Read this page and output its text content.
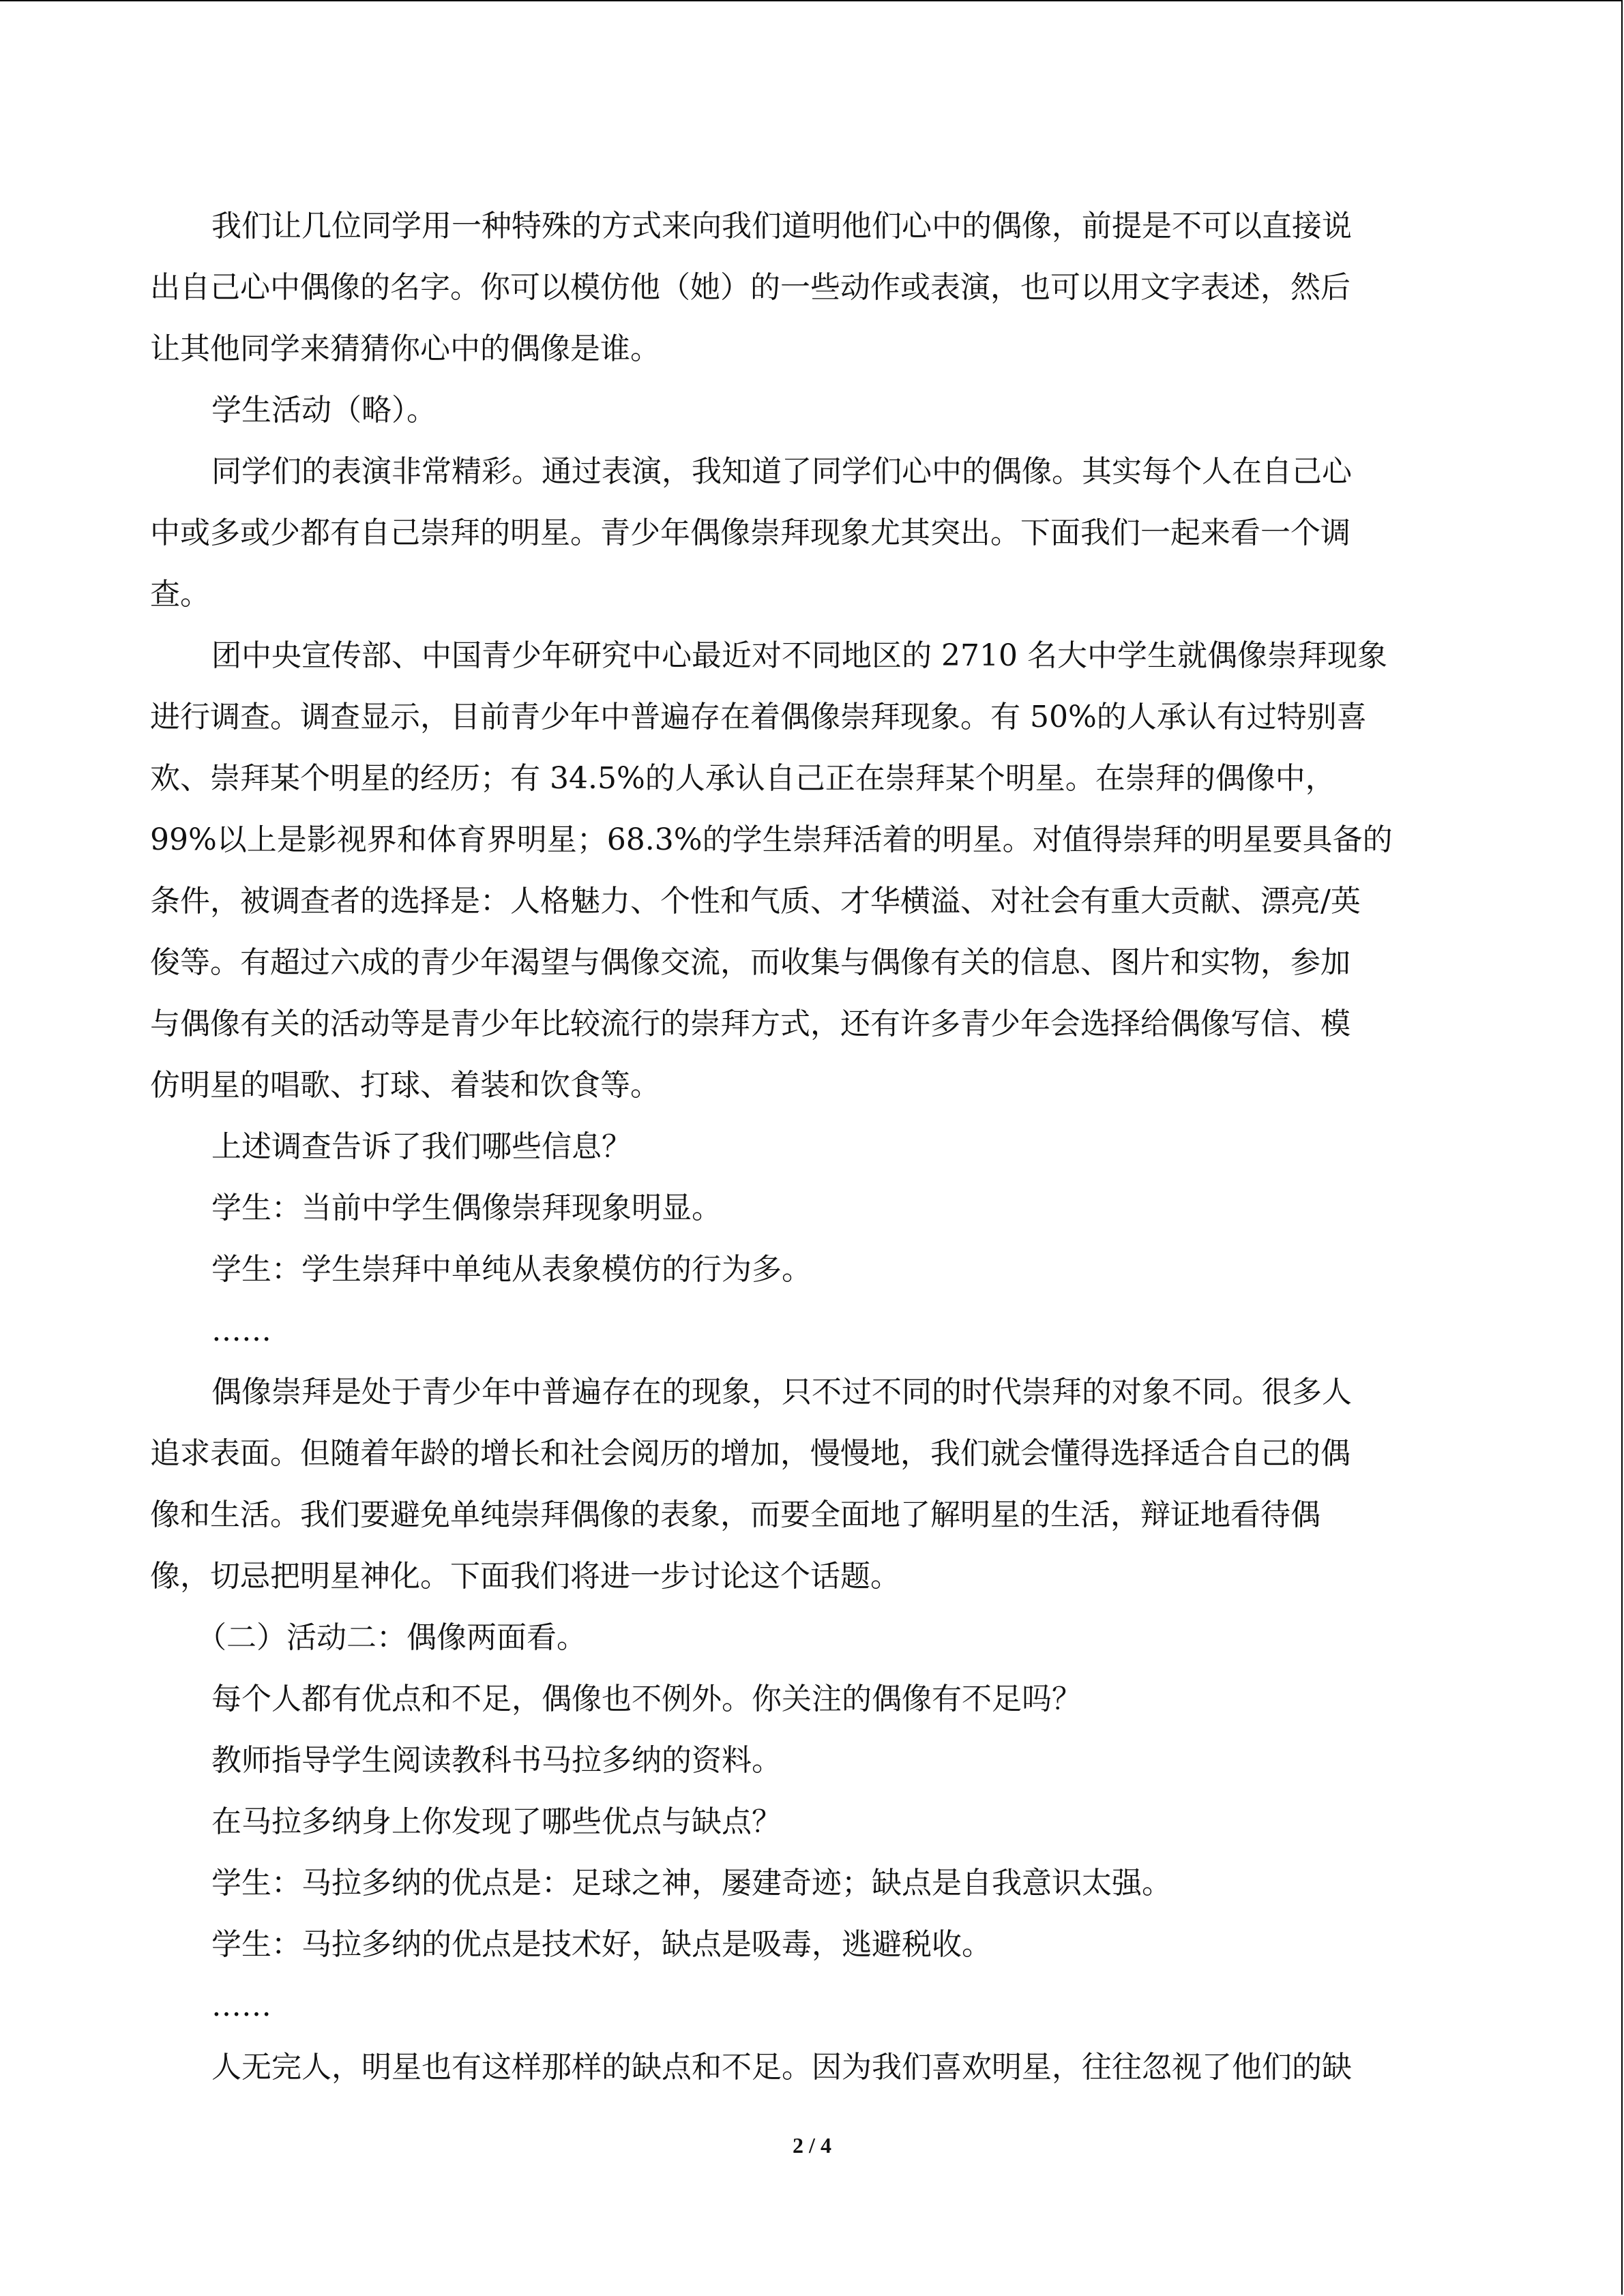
我们让几位同学用一种特殊的方式来向我们道明他们心中的偶像，前提是不可以直接说
出自己心中偶像的名字。你可以模仿他（她）的一些动作或表演，也可以用文字表述，然后
让其他同学来猜猜你心中的偶像是谁。
学生活动（略）。
同学们的表演非常精彩。通过表演，我知道了同学们心中的偶像。其实每个人在自己心
中或多或少都有自己崇拜的明星。青少年偶像崇拜现象尤其突出。下面我们一起来看一个调
查。
团中央宣传部、中国青少年研究中心最近对不同地区的 2710 名大中学生就偶像崇拜现象
进行调查。调查显示，目前青少年中普遍存在着偶像崇拜现象。有 50%的人承认有过特别喜
欢、崇拜某个明星的经历；有 34.5%的人承认自己正在崇拜某个明星。在崇拜的偶像中，
99%以上是影视界和体育界明星；68.3%的学生崇拜活着的明星。对值得崇拜的明星要具备的
条件，被调查者的选择是：人格魅力、个性和气质、才华横溢、对社会有重大贡献、漂亮/英
俊等。有超过六成的青少年渴望与偶像交流，而收集与偶像有关的信息、图片和实物，参加
与偶像有关的活动等是青少年比较流行的崇拜方式，还有许多青少年会选择给偶像写信、模
仿明星的唱歌、打球、着装和饮食等。
上述调查告诉了我们哪些信息？
学生：当前中学生偶像崇拜现象明显。
学生：学生崇拜中单纯从表象模仿的行为多。
……
偶像崇拜是处于青少年中普遍存在的现象，只不过不同的时代崇拜的对象不同。很多人
追求表面。但随着年龄的增长和社会阅历的增加，慢慢地，我们就会懂得选择适合自己的偶
像和生活。我们要避免单纯崇拜偶像的表象，而要全面地了解明星的生活，辩证地看待偶
像，切忌把明星神化。下面我们将进一步讨论这个话题。
（二）活动二：偶像两面看。
每个人都有优点和不足，偶像也不例外。你关注的偶像有不足吗？
教师指导学生阅读教科书马拉多纳的资料。
在马拉多纳身上你发现了哪些优点与缺点？
学生：马拉多纳的优点是：足球之神，屡建奇迹；缺点是自我意识太强。
学生：马拉多纳的优点是技术好，缺点是吸毒，逃避税收。
……
人无完人，明星也有这样那样的缺点和不足。因为我们喜欢明星，往往忽视了他们的缺
2 / 4
